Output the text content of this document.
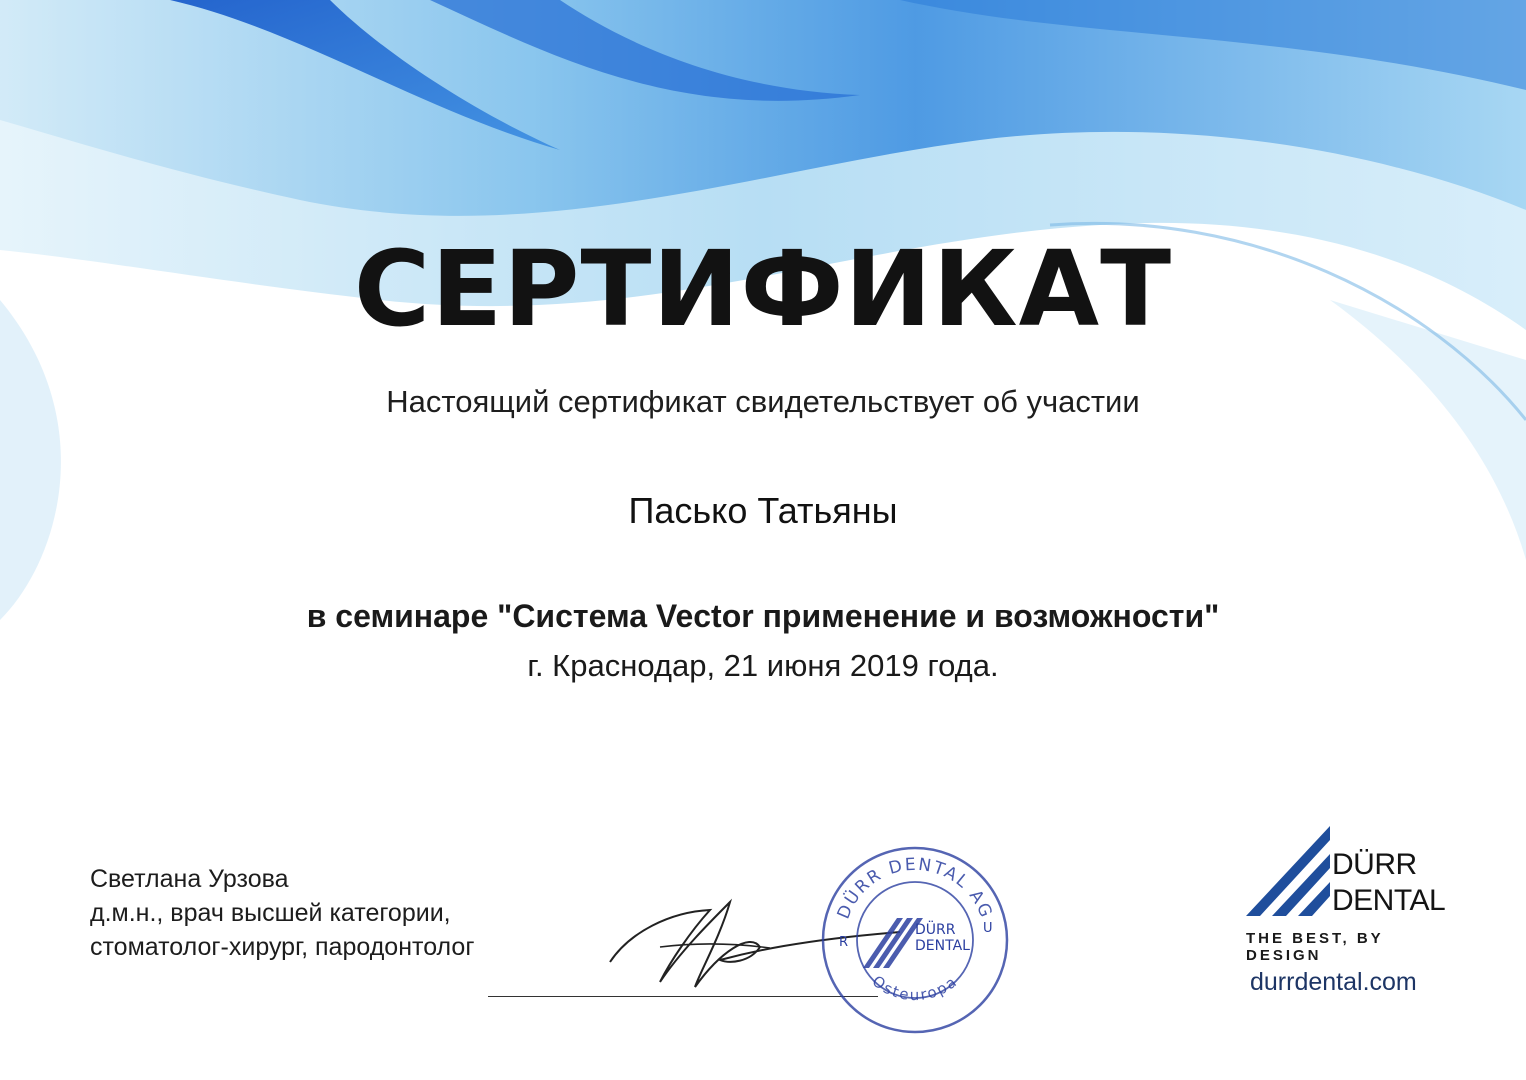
СЕРТИФИКАТ
Настоящий сертификат свидетельствует об участии
Пасько Татьяны
в семинаре "Система Vector применение и возможности"
г. Краснодар, 21 июня 2019 года.
Светлана Урзова
д.м.н., врач высшей категории,
стоматолог-хирург, пародонтолог
DÜRR DENTAL AG
Osteuropa
R
U
DÜRR
DENTAL
DÜRR
DENTAL
THE BEST, BY DESIGN
durrdental.com
